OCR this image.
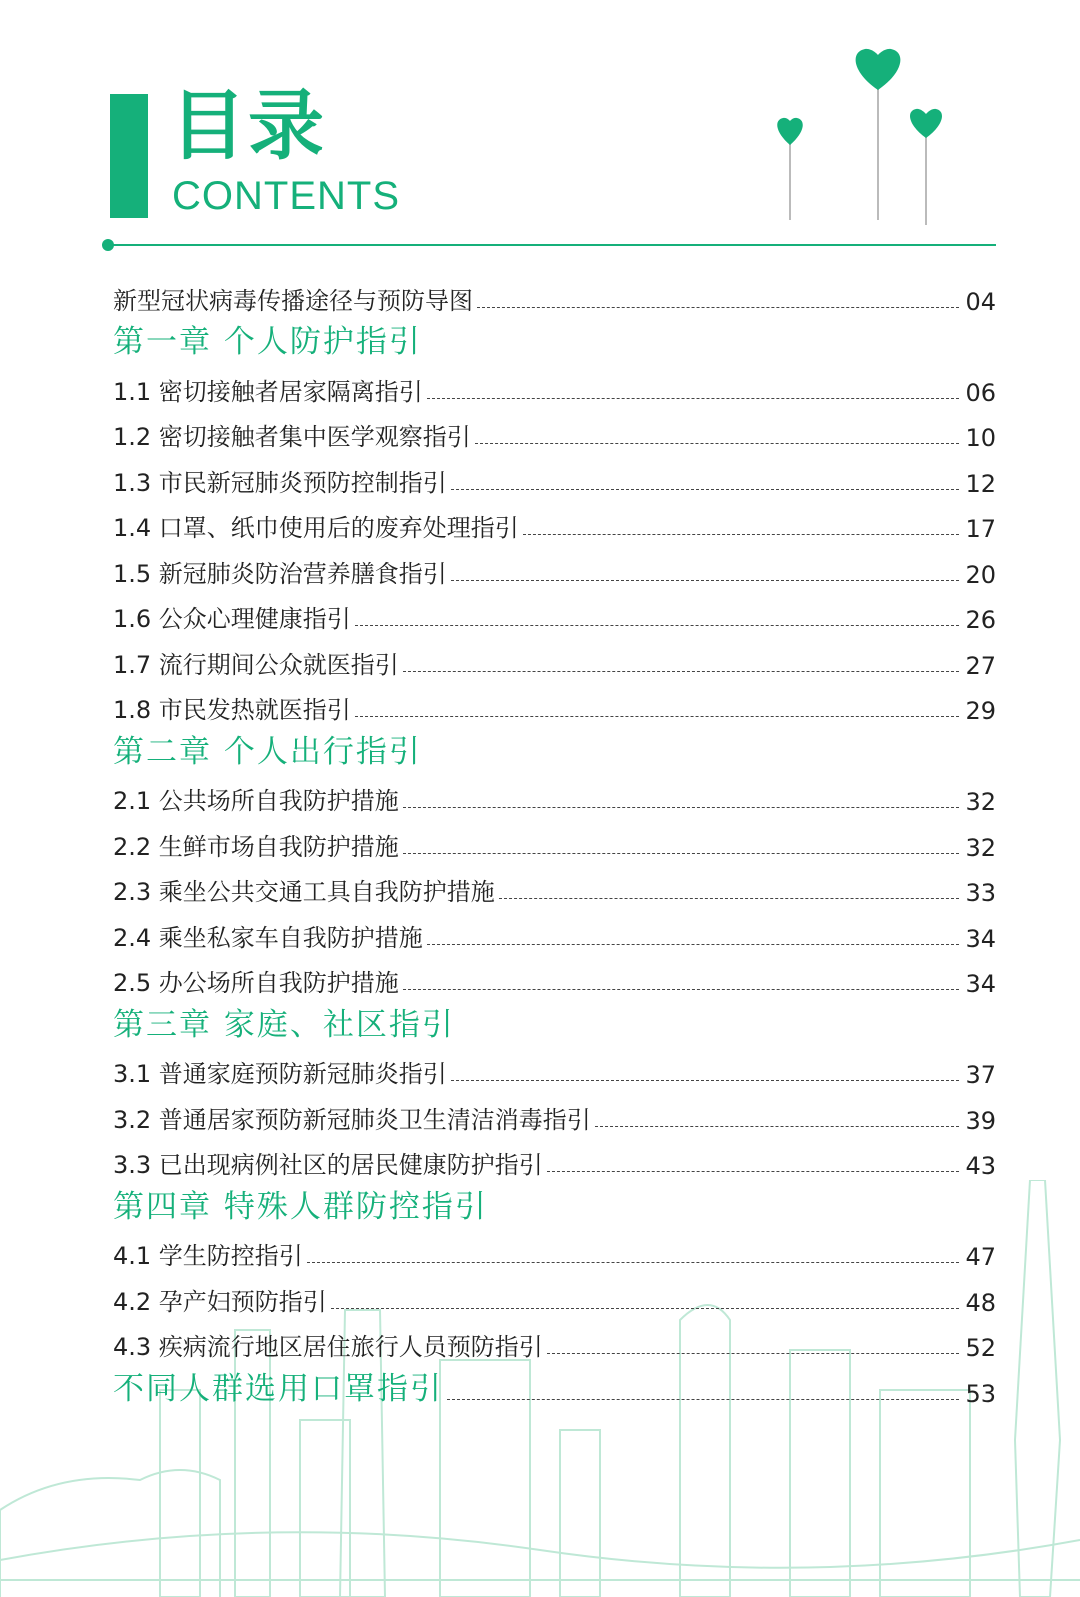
目录
CONTENTS
新型冠状病毒传播途径与预防导图	04
第一章 个人防护指引
1.1 密切接触者居家隔离指引	06
1.2 密切接触者集中医学观察指引	10
1.3 市民新冠肺炎预防控制指引	12
1.4 口罩、纸巾使用后的废弃处理指引	17
1.5 新冠肺炎防治营养膳食指引	20
1.6 公众心理健康指引	26
1.7 流行期间公众就医指引	27
1.8 市民发热就医指引	29
第二章 个人出行指引
2.1 公共场所自我防护措施	32
2.2 生鲜市场自我防护措施	32
2.3 乘坐公共交通工具自我防护措施	33
2.4 乘坐私家车自我防护措施	34
2.5 办公场所自我防护措施	34
第三章 家庭、社区指引
3.1 普通家庭预防新冠肺炎指引	37
3.2 普通居家预防新冠肺炎卫生清洁消毒指引	39
3.3 已出现病例社区的居民健康防护指引	43
第四章 特殊人群防控指引
4.1 学生防控指引	47
4.2 孕产妇预防指引	48
4.3 疾病流行地区居住旅行人员预防指引	52
不同人群选用口罩指引	53
